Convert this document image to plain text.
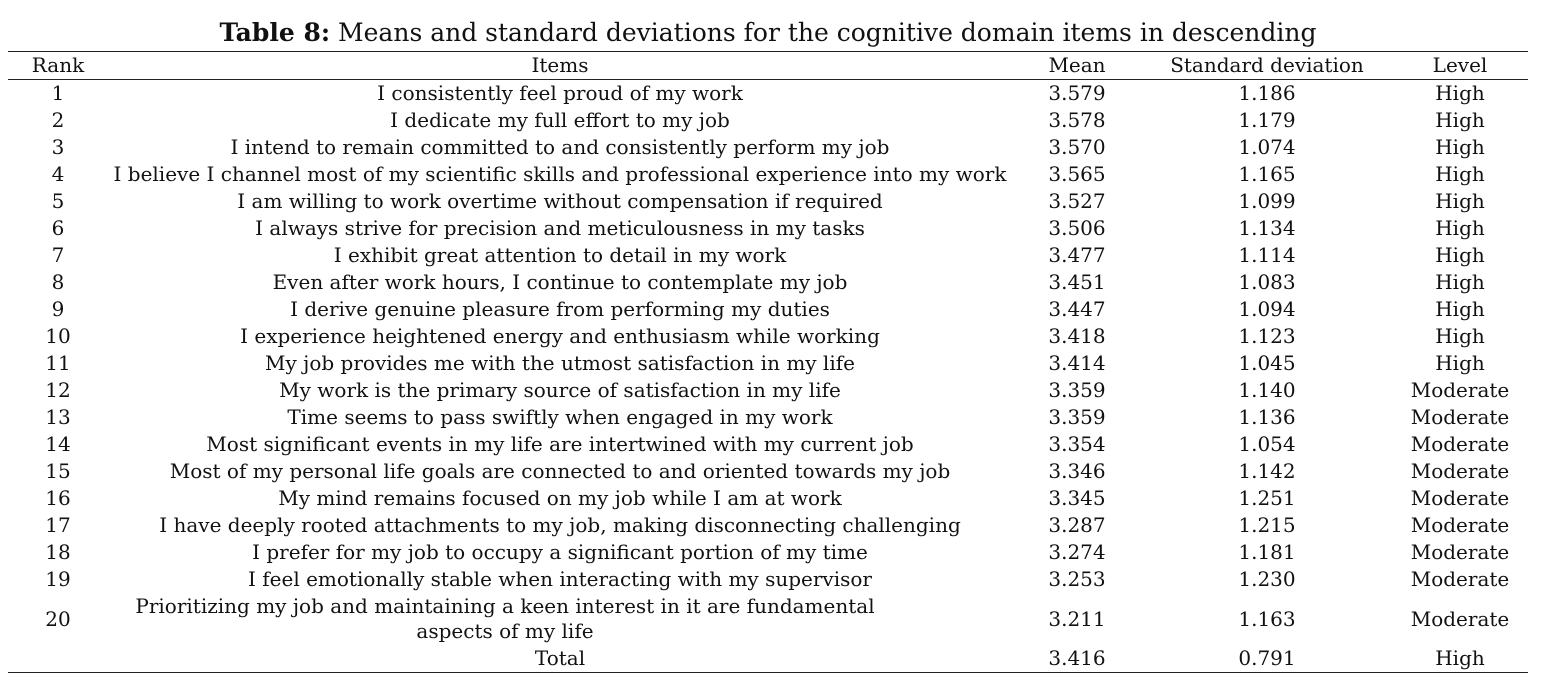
Table 8: Means and standard deviations for the cognitive domain items in descending
Rank	Items	Mean	Standard deviation	Level
1	I consistently feel proud of my work	3.579	1.186	High
2	I dedicate my full effort to my job	3.578	1.179	High
3	I intend to remain committed to and consistently perform my job	3.570	1.074	High
4	I believe I channel most of my scientific skills and professional experience into my work	3.565	1.165	High
5	I am willing to work overtime without compensation if required	3.527	1.099	High
6	I always strive for precision and meticulousness in my tasks	3.506	1.134	High
7	I exhibit great attention to detail in my work	3.477	1.114	High
8	Even after work hours, I continue to contemplate my job	3.451	1.083	High
9	I derive genuine pleasure from performing my duties	3.447	1.094	High
10	I experience heightened energy and enthusiasm while working	3.418	1.123	High
11	My job provides me with the utmost satisfaction in my life	3.414	1.045	High
12	My work is the primary source of satisfaction in my life	3.359	1.140	Moderate
13	Time seems to pass swiftly when engaged in my work	3.359	1.136	Moderate
14	Most significant events in my life are intertwined with my current job	3.354	1.054	Moderate
15	Most of my personal life goals are connected to and oriented towards my job	3.346	1.142	Moderate
16	My mind remains focused on my job while I am at work	3.345	1.251	Moderate
17	I have deeply rooted attachments to my job, making disconnecting challenging	3.287	1.215	Moderate
18	I prefer for my job to occupy a significant portion of my time	3.274	1.181	Moderate
19	I feel emotionally stable when interacting with my supervisor	3.253	1.230	Moderate
20	Prioritizing my job and maintaining a keen interest in it are fundamental aspects of my life	3.211	1.163	Moderate
	Total	3.416	0.791	High
